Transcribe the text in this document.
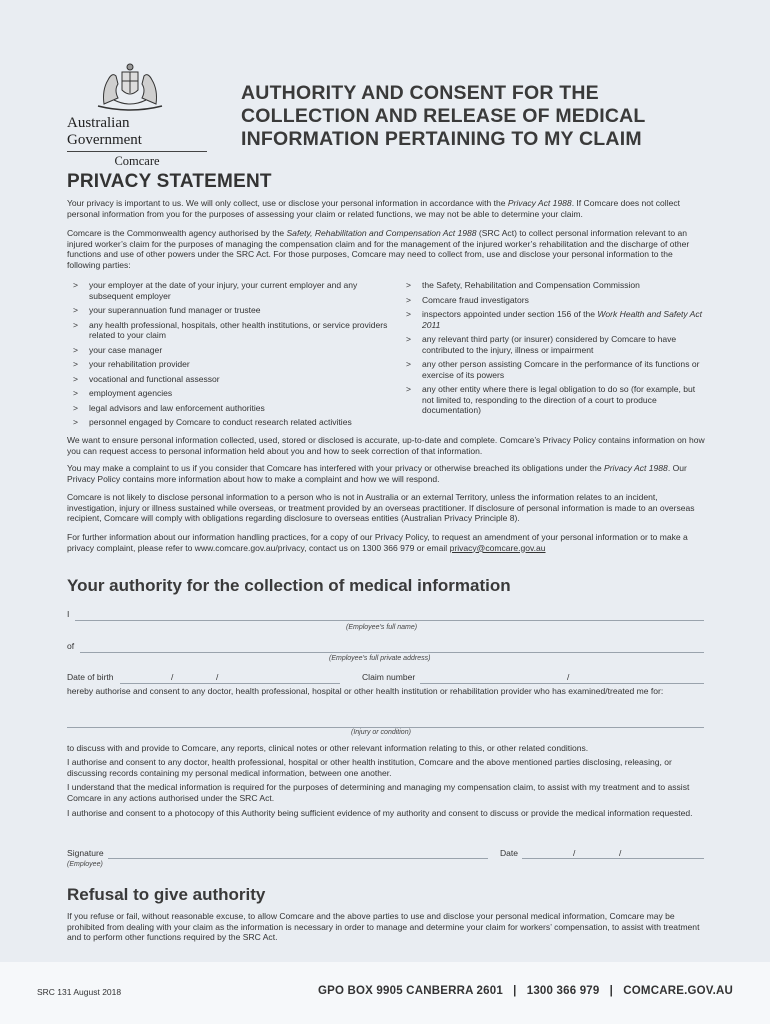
Australian Government
Comcare
AUTHORITY AND CONSENT FOR THE
COLLECTION AND RELEASE OF MEDICAL
INFORMATION PERTAINING TO MY CLAIM
PRIVACY STATEMENT

Your privacy is important to us. We will only collect, use or disclose your personal information in accordance with the Privacy Act 1988. If Comcare does not collect personal information from you for the purposes of assessing your claim or related functions, we may not be able to determine your claim.

Comcare is the Commonwealth agency authorised by the Safety, Rehabilitation and Compensation Act 1988 (SRC Act) to collect personal information relevant to an injured worker’s claim for the purposes of managing the compensation claim and for the management of the injured worker’s rehabilitation and the discharge of other functions and use of other powers under the SRC Act. For those purposes, Comcare may need to collect from, use and disclose your personal information to the following parties:

> your employer at the date of your injury, your current employer and any subsequent employer
> your superannuation fund manager or trustee
> any health professional, hospitals, other health institutions, or service providers related to your claim
> your case manager
> your rehabilitation provider
> vocational and functional assessor
> employment agencies
> legal advisors and law enforcement authorities
> personnel engaged by Comcare to conduct research related activities
> the Safety, Rehabilitation and Compensation Commission
> Comcare fraud investigators
> inspectors appointed under section 156 of the Work Health and Safety Act 2011
> any relevant third party (or insurer) considered by Comcare to have contributed to the injury, illness or impairment
> any other person assisting Comcare in the performance of its functions or exercise of its powers
> any other entity where there is legal obligation to do so (for example, but not limited to, responding to the direction of a court to produce documentation)

We want to ensure personal information collected, used, stored or disclosed is accurate, up-to-date and complete. Comcare’s Privacy Policy contains information on how you can request access to personal information held about you and how to seek correction of that information.

You may make a complaint to us if you consider that Comcare has interfered with your privacy or otherwise breached its obligations under the Privacy Act 1988. Our Privacy Policy contains more information about how to make a complaint and how we will respond.

Comcare is not likely to disclose personal information to a person who is not in Australia or an external Territory, unless the information relates to an incident, investigation, injury or illness sustained while overseas, or treatment provided by an overseas practitioner. If disclosure of personal information is made to an overseas recipient, Comcare will comply with obligations regarding disclosure to overseas entities (Australian Privacy Principle 8).

For further information about our information handling practices, for a copy of our Privacy Policy, to request an amendment of your personal information or to make a privacy complaint, please refer to www.comcare.gov.au/privacy, contact us on 1300 366 979 or email privacy@comcare.gov.au

Your authority for the collection of medical information
I
(Employee’s full name)
of
(Employee’s full private address)
Date of birth	/	/	Claim number	/

hereby authorise and consent to any doctor, health professional, hospital or other health institution or rehabilitation provider who has examined/treated me for:

(Injury or condition)

to discuss with and provide to Comcare, any reports, clinical notes or other relevant information relating to this, or other related conditions.

I authorise and consent to any doctor, health professional, hospital or other health institution, Comcare and the above mentioned parties disclosing, releasing, or discussing records containing my personal medical information, between one another.

I understand that the medical information is required for the purposes of determining and managing my compensation claim, to assist with my treatment and to assist Comcare in any actions authorised under the SRC Act.

I authorise and consent to a photocopy of this Authority being sufficient evidence of my authority and consent to discuss or provide the medical information requested.

Signature
(Employee)
Date	/	/
Refusal to give authority

If you refuse or fail, without reasonable excuse, to allow Comcare and the above parties to use and disclose your personal medical information, Comcare may be prohibited from dealing with your claim as the information is necessary in order to manage and determine your claim for workers’ compensation, to assist with treatment and to perform other functions required by the SRC Act.

SRC 131 August 2018	GPO BOX 9905 CANBERRA 2601   |   1300 366 979   |   COMCARE.GOV.AU
